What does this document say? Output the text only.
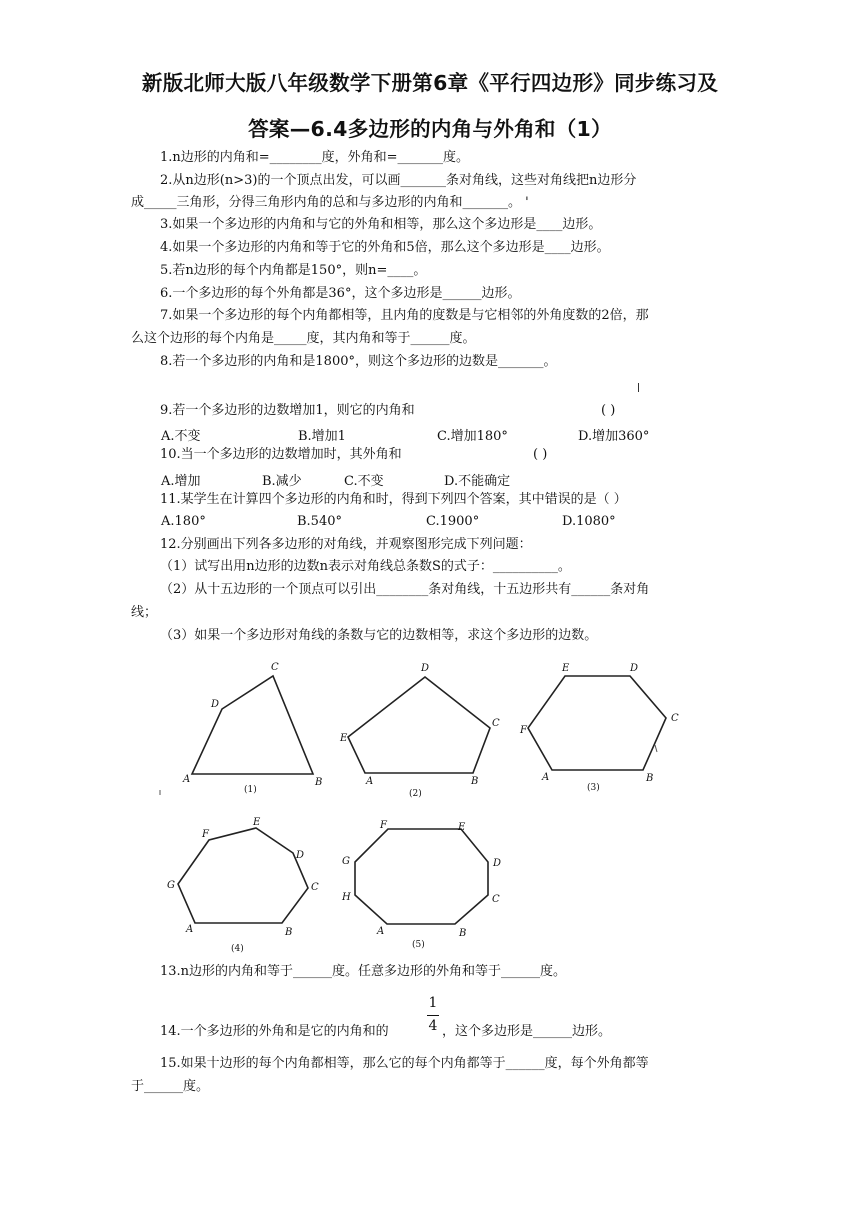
新版北师大版八年级数学下册第6章《平行四边形》同步练习及
答案—6.4多边形的内角与外角和（1）
1.n边形的内角和=________度，外角和=_______度。
2.从n边形(n>3)的一个顶点出发，可以画_______条对角线，这些对角线把n边形分
成_____三角形，分得三角形内角的总和与多边形的内角和_______。 '
3.如果一个多边形的内角和与它的外角和相等，那么这个多边形是____边形。
4.如果一个多边形的内角和等于它的外角和5倍，那么这个多边形是____边形。
5.若n边形的每个内角都是150°，则n=____。
6.一个多边形的每个外角都是36°，这个多边形是______边形。
7.如果一个多边形的每个内角都相等，且内角的度数是与它相邻的外角度数的2倍，那
么这个边形的每个内角是_____度，其内角和等于______度。
8.若一个多边形的内角和是1800°，则这个多边形的边数是_______。
9.若一个多边形的边数增加1，则它的内角和	( )
A.不变	B.增加1	C.增加180°	D.增加360°
10.当一个多边形的边数增加时，其外角和	( )
A.增加	B.减少	C.不变	D.不能确定
11.某学生在计算四个多边形的内角和时，得到下列四个答案，其中错误的是（ ）
A.180°	B.540°	C.1900°	D.1080°
12.分别画出下列各多边形的对角线，并观察图形完成下列问题：
（1）试写出用n边形的边数n表示对角线总条数S的式子：__________。
（2）从十五边形的一个顶点可以引出________条对角线，十五边形共有______条对角
线；
（3）如果一个多边形对角线的条数与它的边数相等，求这个多边形的边数。
A	B
C
D
(1)
A	B
C
D
E
(2)
A	B
C
D
E
F
(3)
A	B
C
D
E
F
G
(4)
A	B
C
D
E
F
G
H
(5)
13.n边形的内角和等于______度。任意多边形的外角和等于______度。
1
4
14.一个多边形的外角和是它的内角和的	，这个多边形是______边形。
15.如果十边形的每个内角都相等，那么它的每个内角都等于______度，每个外角都等
于______度。
